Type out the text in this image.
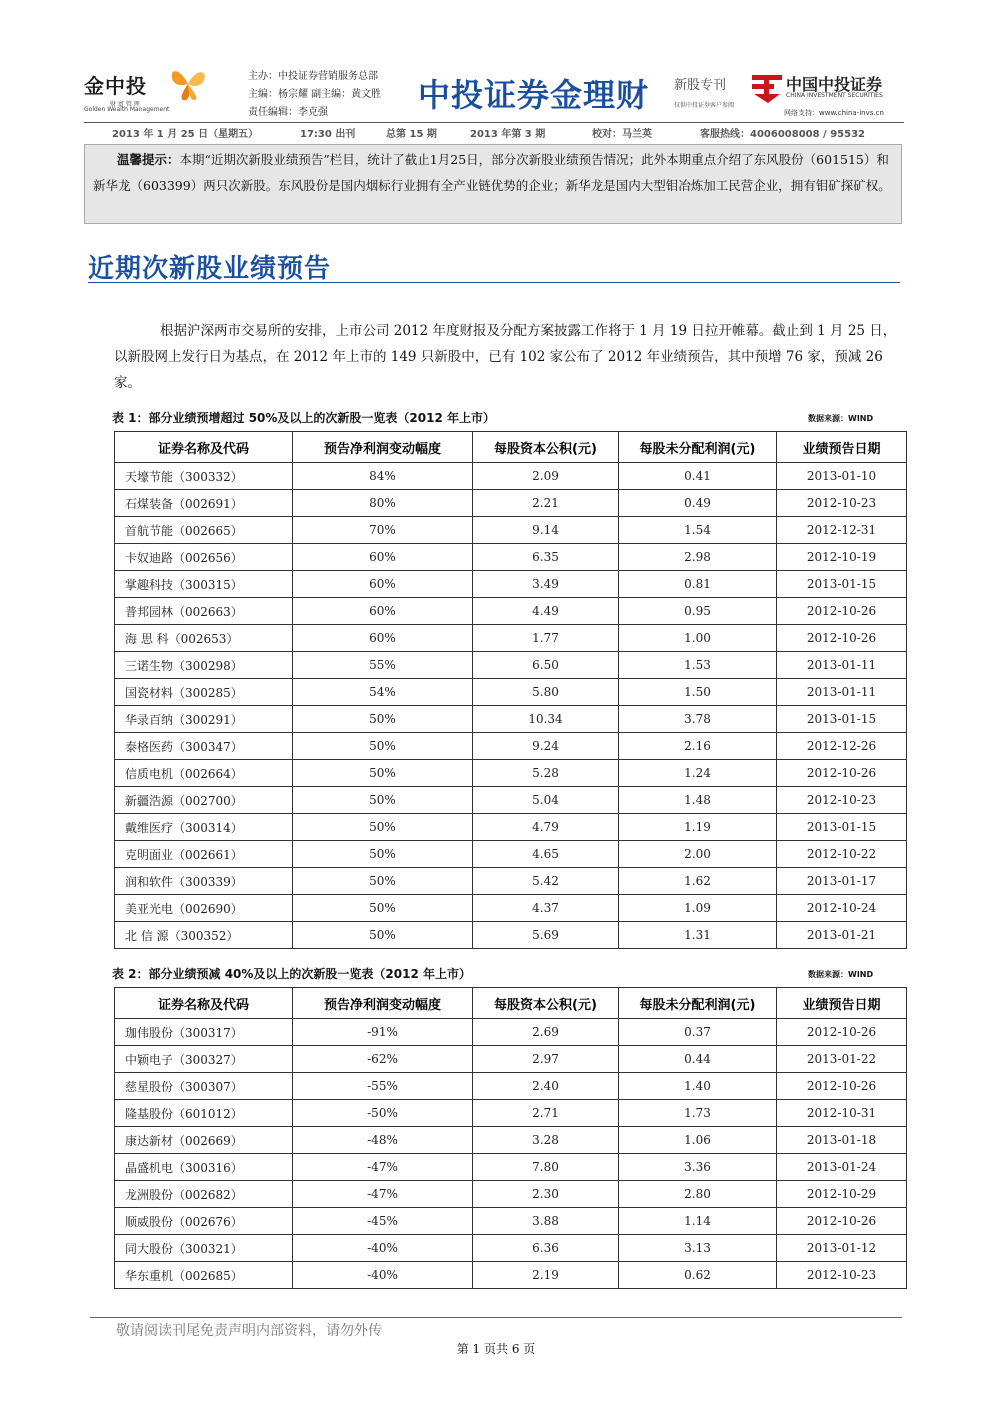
金中投
财 富 管 理
Golden Wealth Management
主办：中投证券营销服务总部
主编：杨宗耀 副主编：黄文胜
责任编辑：李克强	中投证券金理财 新股专刊
仅供中投证券客户参阅
中国中投证券
CHINA INVESTMENT SECURITIES
网络支持：www.china-invs.cn
2013 年 1 月 25 日（星期五）	17:30 出刊	总第 15 期	2013 年第 3 期	校对：马兰英	客服热线：4006008008 / 95532
温馨提示：本期“近期次新股业绩预告”栏目，统计了截止1月25日，部分次新股业绩预告情况；此外本期重点介绍了东风股份（601515）和新华龙（603399）两只次新股。东风股份是国内烟标行业拥有全产业链优势的企业；新华龙是国内大型钼冶炼加工民营企业，拥有钼矿探矿权。
近期次新股业绩预告
根据沪深两市交易所的安排，上市公司 2012 年度财报及分配方案披露工作将于 1 月 19 日拉开帷幕。截止到 1 月 25 日，以新股网上发行日为基点，在 2012 年上市的 149 只新股中，已有 102 家公布了 2012 年业绩预告，其中预增 76 家，预减 26 家。
表 1：部分业绩预增超过 50%及以上的次新股一览表（2012 年上市）	数据来源：WIND
证券名称及代码	预告净利润变动幅度	每股资本公积(元)	每股未分配利润(元)	业绩预告日期
天壕节能（300332）	84%	2.09	0.41	2013-01-10
石煤装备（002691）	80%	2.21	0.49	2012-10-23
首航节能（002665）	70%	9.14	1.54	2012-12-31
卡奴迪路（002656）	60%	6.35	2.98	2012-10-19
掌趣科技（300315）	60%	3.49	0.81	2013-01-15
普邦园林（002663）	60%	4.49	0.95	2012-10-26
海 思 科（002653）	60%	1.77	1.00	2012-10-26
三诺生物（300298）	55%	6.50	1.53	2013-01-11
国瓷材料（300285）	54%	5.80	1.50	2013-01-11
华录百纳（300291）	50%	10.34	3.78	2013-01-15
泰格医药（300347）	50%	9.24	2.16	2012-12-26
信质电机（002664）	50%	5.28	1.24	2012-10-26
新疆浩源（002700）	50%	5.04	1.48	2012-10-23
戴维医疗（300314）	50%	4.79	1.19	2013-01-15
克明面业（002661）	50%	4.65	2.00	2012-10-22
润和软件（300339）	50%	5.42	1.62	2013-01-17
美亚光电（002690）	50%	4.37	1.09	2012-10-24
北 信 源（300352）	50%	5.69	1.31	2013-01-21
表 2：部分业绩预减 40%及以上的次新股一览表（2012 年上市）	数据来源：WIND
证券名称及代码	预告净利润变动幅度	每股资本公积(元)	每股未分配利润(元)	业绩预告日期
珈伟股份（300317）	-91%	2.69	0.37	2012-10-26
中颖电子（300327）	-62%	2.97	0.44	2013-01-22
慈星股份（300307）	-55%	2.40	1.40	2012-10-26
隆基股份（601012）	-50%	2.71	1.73	2012-10-31
康达新材（002669）	-48%	3.28	1.06	2013-01-18
晶盛机电（300316）	-47%	7.80	3.36	2013-01-24
龙洲股份（002682）	-47%	2.30	2.80	2012-10-29
顺威股份（002676）	-45%	3.88	1.14	2012-10-26
同大股份（300321）	-40%	6.36	3.13	2013-01-12
华东重机（002685）	-40%	2.19	0.62	2012-10-23
敬请阅读刊尾免责声明内部资料，请勿外传
第 1 页共 6 页
